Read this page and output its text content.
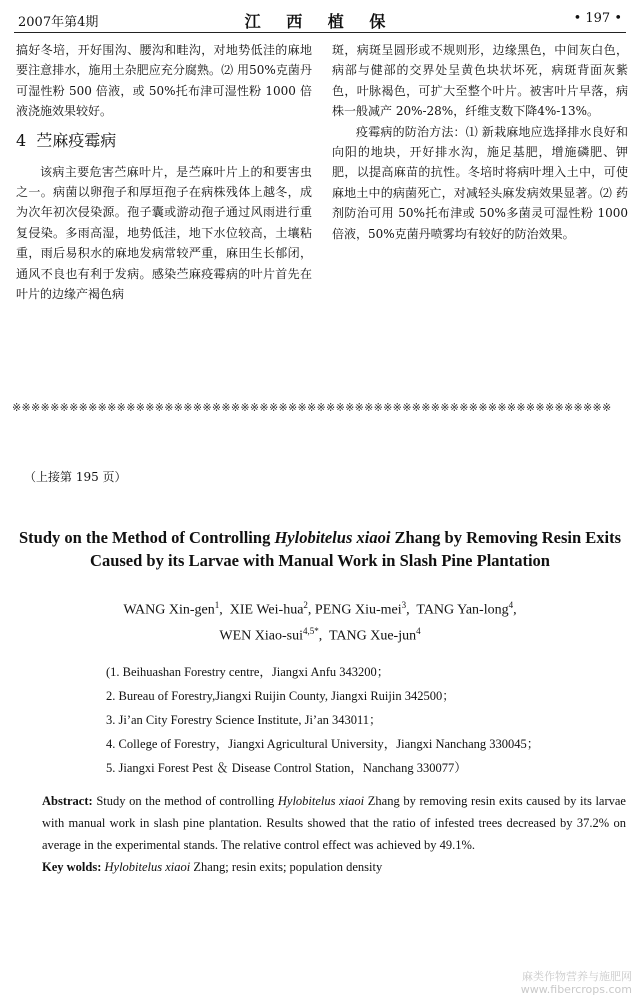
2007年第4期	江 西 植 保	• 197 •

搞好冬培，开好围沟、腰沟和畦沟，对地势低洼的麻地要注意排水，施用土杂肥应充分腐熟。⑵ 用50%克菌丹可湿性粉 500 倍液，或 50%托布津可湿性粉 1000 倍液浇施效果较好。

4 苎麻疫霉病

该病主要危害苎麻叶片，是苎麻叶片上的和要害虫之一。病菌以卵孢子和厚垣孢子在病株残体上越冬，成为次年初次侵染源。孢子囊或游动孢子通过风雨进行重复侵染。多雨高湿，地势低洼，地下水位较高，土壤粘重，雨后易积水的麻地发病常较严重，麻田生长郁闭，通风不良也有利于发病。感染苎麻疫霉病的叶片首先在叶片的边缘产褐色病

斑，病斑呈圆形或不规则形，边缘黑色，中间灰白色，病部与健部的交界处呈黄色块状坏死，病斑背面灰紫色，叶脉褐色，可扩大至整个叶片。被害叶片早落，病株一般减产 20%-28%，纤维支数下降4%-13%。

疫霉病的防治方法：⑴ 新栽麻地应选择排水良好和向阳的地块，开好排水沟，施足基肥，增施磷肥、钾肥，以提高麻苗的抗性。冬培时将病叶埋入土中，可使麻地土中的病菌死亡，对减轻头麻发病效果显著。⑵ 药剂防治可用 50%托布津或 50%多菌灵可湿性粉 1000 倍液，50%克菌丹喷雾均有较好的防治效果。

※※※※※※※※※※※※※※※※※※※※※※※※※※※※※※※※※※※※※※※※※※※※※※※※※※※※※※※※※※※※※※※
（上接第 195 页）
Study on the Method of Controlling Hylobitelus xiaoi Zhang by Removing Resin Exits Caused by its Larvae with Manual Work in Slash Pine Plantation
WANG Xin-gen$^1$,  XIE Wei-hua$^2$, PENG Xiu-mei$^3$,  TANG Yan-long$^4$,
WEN Xiao-sui$^{4,5*}$,  TANG Xue-jun$^4$
(1. Beihuashan Forestry centre，Jiangxi Anfu 343200；
2. Bureau of Forestry,Jiangxi Ruijin County, Jiangxi Ruijin 342500；
3. Ji’an City Forestry Science Institute, Ji’an 343011；
4. College of Forestry，Jiangxi Agricultural University，Jiangxi Nanchang 330045；
5. Jiangxi Forest Pest ＆ Disease Control Station，Nanchang 330077）

Abstract: Study on the method of controlling Hylobitelus xiaoi Zhang by removing resin exits caused by its larvae with manual work in slash pine plantation. Results showed that the ratio of infested trees decreased by 37.2% on average in the experimental stands. The relative control effect was achieved by 49.1%.

Key wolds: Hylobitelus xiaoi Zhang; resin exits; population density
麻类作物营养与施肥网
www.fibercrops.com
